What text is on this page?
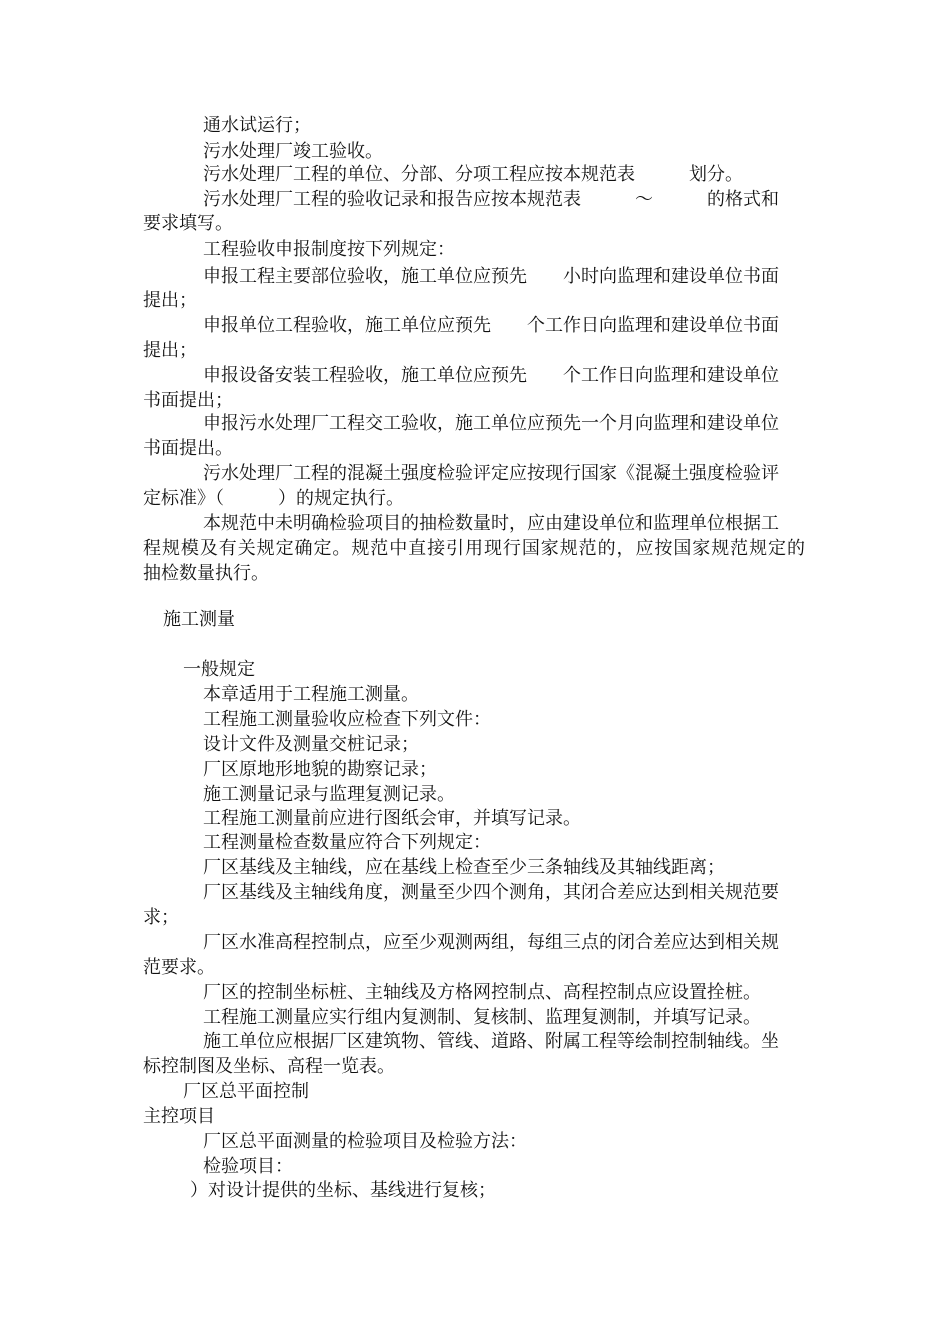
通水试运行；
污水处理厂竣工验收。
污水处理厂工程的单位、分部、分项工程应按本规范表　　　划分。
污水处理厂工程的验收记录和报告应按本规范表　　　～　　　的格式和
要求填写。
工程验收申报制度按下列规定：
申报工程主要部位验收，施工单位应预先　　小时向监理和建设单位书面
提出；
申报单位工程验收，施工单位应预先　　个工作日向监理和建设单位书面
提出；
申报设备安装工程验收，施工单位应预先　　个工作日向监理和建设单位
书面提出；
申报污水处理厂工程交工验收，施工单位应预先一个月向监理和建设单位
书面提出。
污水处理厂工程的混凝土强度检验评定应按现行国家《混凝土强度检验评
定标准》（　　　）的规定执行。
本规范中未明确检验项目的抽检数量时，应由建设单位和监理单位根据工
程规模及有关规定确定。规范中直接引用现行国家规范的，应按国家规范规定的
抽检数量执行。
施工测量
一般规定
本章适用于工程施工测量。
工程施工测量验收应检查下列文件：
设计文件及测量交桩记录；
厂区原地形地貌的勘察记录；
施工测量记录与监理复测记录。
工程施工测量前应进行图纸会审，并填写记录。
工程测量检查数量应符合下列规定：
厂区基线及主轴线，应在基线上检查至少三条轴线及其轴线距离；
厂区基线及主轴线角度，测量至少四个测角，其闭合差应达到相关规范要
求；
厂区水准高程控制点，应至少观测两组，每组三点的闭合差应达到相关规
范要求。
厂区的控制坐标桩、主轴线及方格网控制点、高程控制点应设置拴桩。
工程施工测量应实行组内复测制、复核制、监理复测制，并填写记录。
施工单位应根据厂区建筑物、管线、道路、附属工程等绘制控制轴线。坐
标控制图及坐标、高程一览表。
厂区总平面控制
主控项目
厂区总平面测量的检验项目及检验方法：
检验项目：
）对设计提供的坐标、基线进行复核；
